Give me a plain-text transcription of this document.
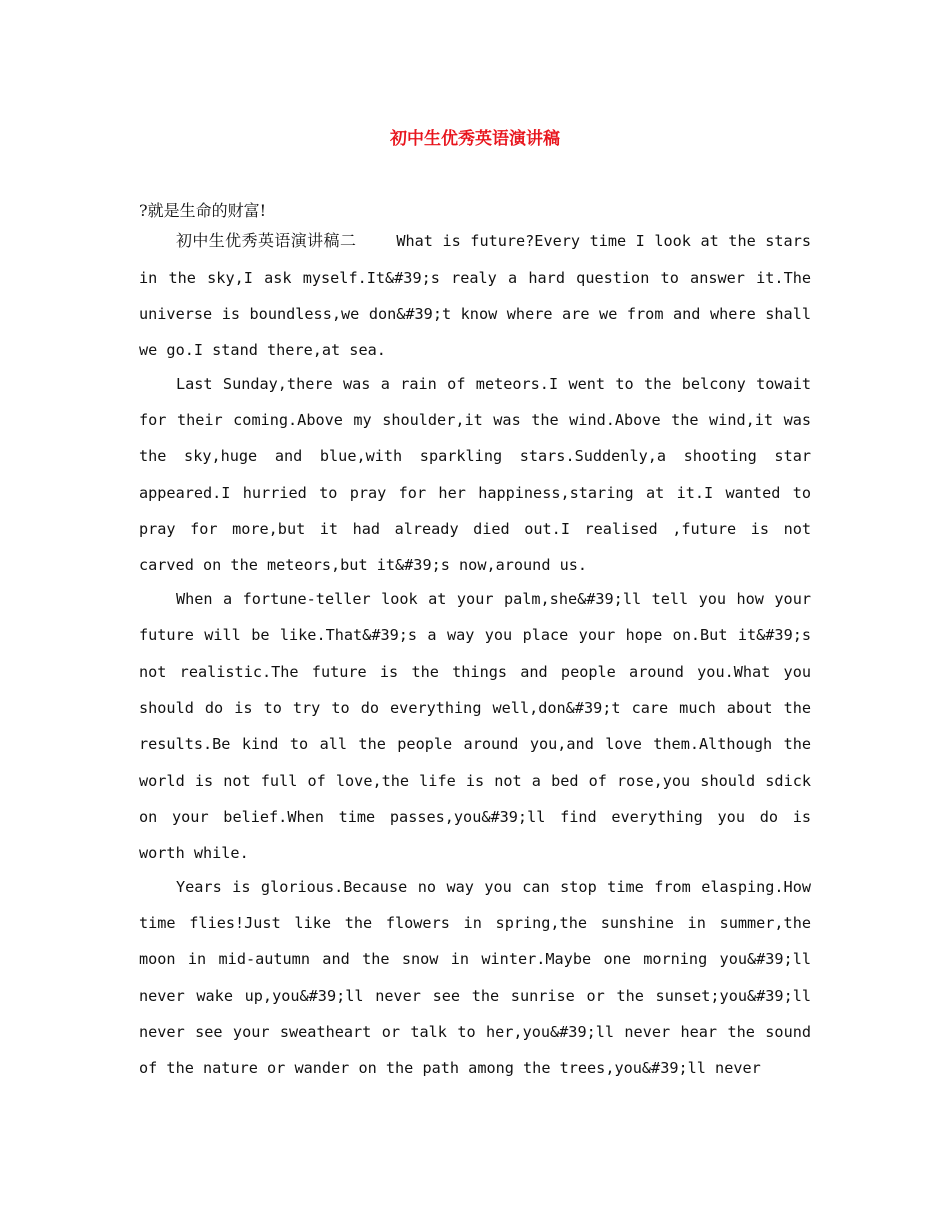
初中生优秀英语演讲稿

?就是生命的财富!

初中生优秀英语演讲稿二	What is future?Every time I look at the stars in the sky,I ask myself.It&#39;s realy a hard question to answer it.The universe is boundless,we don&#39;t know where are we from and where shall we go.I stand there,at sea.

Last Sunday,there was a rain of meteors.I went to the belcony towait for their coming.Above my shoulder,it was the wind.Above the wind,it was the sky,huge and blue,with sparkling stars.Suddenly,a shooting star appeared.I hurried to pray for her happiness,staring at it.I wanted to pray for more,but it had already died out.I realised ,future is not carved on the meteors,but it&#39;s now,around us.

When a fortune-teller look at your palm,she&#39;ll tell you how your future will be like.That&#39;s a way you place your hope on.But it&#39;s not realistic.The future is the things and people around you.What you should do is to try to do everything well,don&#39;t care much about the results.Be kind to all the people around you,and love them.Although the world is not full of love,the life is not a bed of rose,you should sdick on your belief.When time passes,you&#39;ll find everything you do is worth while.

Years is glorious.Because no way you can stop time from elasping.How time flies!Just like the flowers in spring,the sunshine in summer,the moon in mid-autumn and the snow in winter.Maybe one morning you&#39;ll never wake up,you&#39;ll never see the sunrise or the sunset;you&#39;ll never see your sweatheart or talk to her,you&#39;ll never hear the sound of the nature or wander on the path among the trees,you&#39;ll never
